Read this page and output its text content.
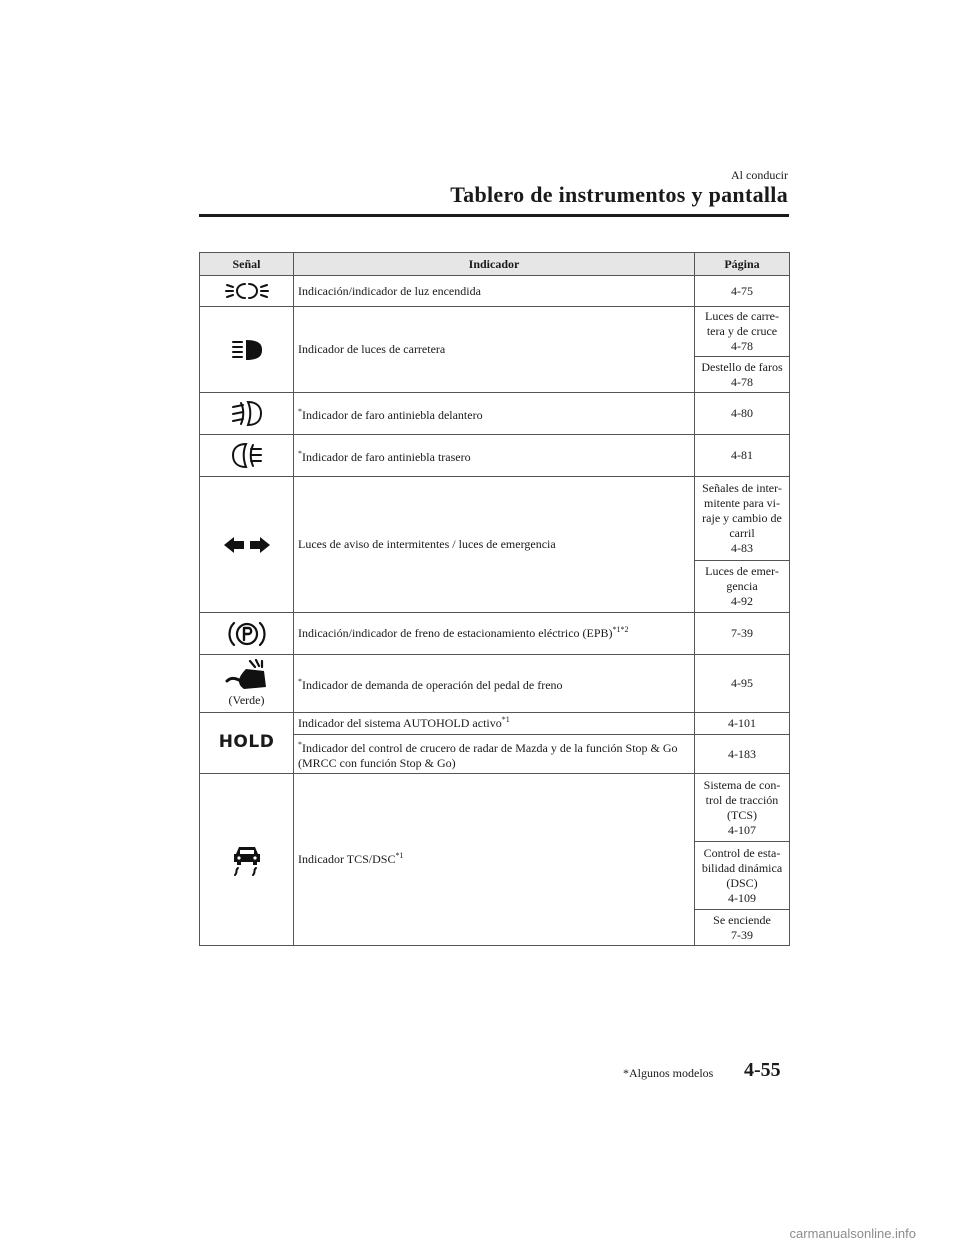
Al conducir
Tablero de instrumentos y pantalla
Señal	Indicador	Página
	Indicación/indicador de luz encendida	4-75
	Indicador de luces de carretera	Luces de carre-tera y de cruce
4-78
		Destello de faros
4-78
	*Indicador de faro antiniebla delantero	4-80
	*Indicador de faro antiniebla trasero	4-81
	Luces de aviso de intermitentes / luces de emergencia	Señales de inter-mitente para vi-raje y cambio de carril
4-83
		Luces de emer-gencia
4-92
	Indicación/indicador de freno de estacionamiento eléctrico (EPB)$^{*1*2}$	7-39

(Verde)	*Indicador de demanda de operación del pedal de freno	4-95
HOLD	Indicador del sistema AUTOHOLD activo$^{*1}$	4-101
	*Indicador del control de crucero de radar de Mazda y de la función Stop & Go (MRCC con función Stop & Go)	4-183
	Indicador TCS/DSC$^{*1}$	Sistema de con-trol de tracción (TCS)
4-107
		Control de esta-bilidad dinámica (DSC)
4-109
		Se enciende
7-39
*Algunos modelos 4-55
carmanualsonline.info
